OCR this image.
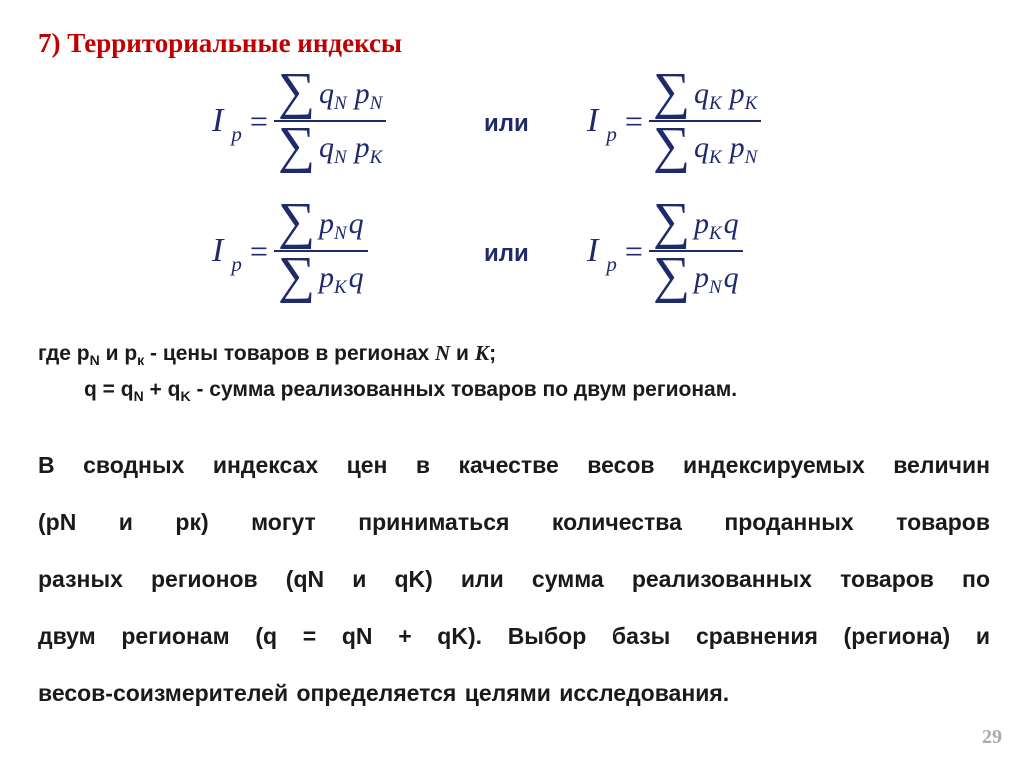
7) Территориальные индексы
I $_p = \frac{\sum q_N p_N}{\sum q_N p_K}$	или I $_p = \frac{\sum q_K p_K}{\sum q_K p_N}$
I $_p = \frac{\sum p_N q}{\sum p_K q}$	или I $_p = \frac{\sum p_K q}{\sum p_N q}$
где $p_N$ и $p_к$ - цены товаров в регионах N и К;
$q = q_N + q_K$ - сумма реализованных товаров по двум регионам.
В сводных индексах цен в качестве весов индексируемых величин
(pN и pк) могут приниматься количества проданных товаров
разных регионов (qN и qK) или сумма реализованных товаров по
двум регионам (q = qN + qK). Выбор базы сравнения (региона) и
весов-соизмерителей определяется целями исследования.
29
